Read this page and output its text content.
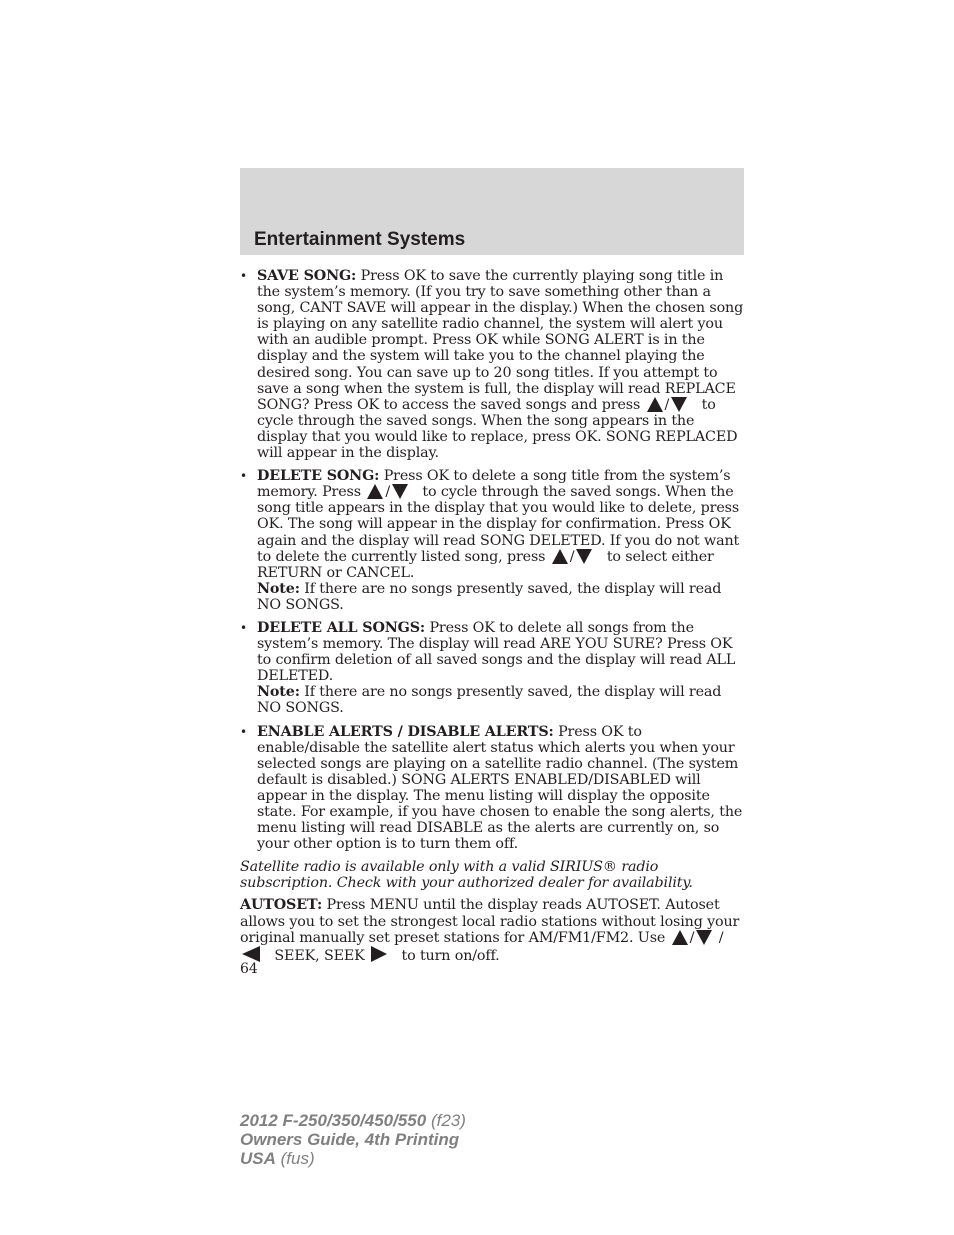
Entertainment Systems
• SAVE SONG: Press OK to save the currently playing song title in the system’s memory. (If you try to save something other than a song, CANT SAVE will appear in the display.) When the chosen song is playing on any satellite radio channel, the system will alert you with an audible prompt. Press OK while SONG ALERT is in the display and the system will take you to the channel playing the desired song. You can save up to 20 song titles. If you attempt to save a song when the system is full, the display will read REPLACE SONG? Press OK to access the saved songs and press / to cycle through the saved songs. When the song appears in the display that you would like to replace, press OK. SONG REPLACED will appear in the display.
• DELETE SONG: Press OK to delete a song title from the system’s memory. Press / to cycle through the saved songs. When the song title appears in the display that you would like to delete, press OK. The song will appear in the display for confirmation. Press OK again and the display will read SONG DELETED. If you do not want to delete the currently listed song, press / to select either RETURN or CANCEL.
Note: If there are no songs presently saved, the display will read NO SONGS.
• DELETE ALL SONGS: Press OK to delete all songs from the system’s memory. The display will read ARE YOU SURE? Press OK to confirm deletion of all saved songs and the display will read ALL DELETED.
Note: If there are no songs presently saved, the display will read NO SONGS.
• ENABLE ALERTS / DISABLE ALERTS: Press OK to enable/disable the satellite alert status which alerts you when your selected songs are playing on a satellite radio channel. (The system default is disabled.) SONG ALERTS ENABLED/DISABLED will appear in the display. The menu listing will display the opposite state. For example, if you have chosen to enable the song alerts, the menu listing will read DISABLE as the alerts are currently on, so your other option is to turn them off.

Satellite radio is available only with a valid SIRIUS® radio subscription. Check with your authorized dealer for availability.

AUTOSET: Press MENU until the display reads AUTOSET. Autoset allows you to set the strongest local radio stations without losing your original manually set preset stations for AM/FM1/FM2. Use / /
SEEK, SEEK	to turn on/off.

64
2012 F-250/350/450/550 (f23)
Owners Guide, 4th Printing
USA (fus)
